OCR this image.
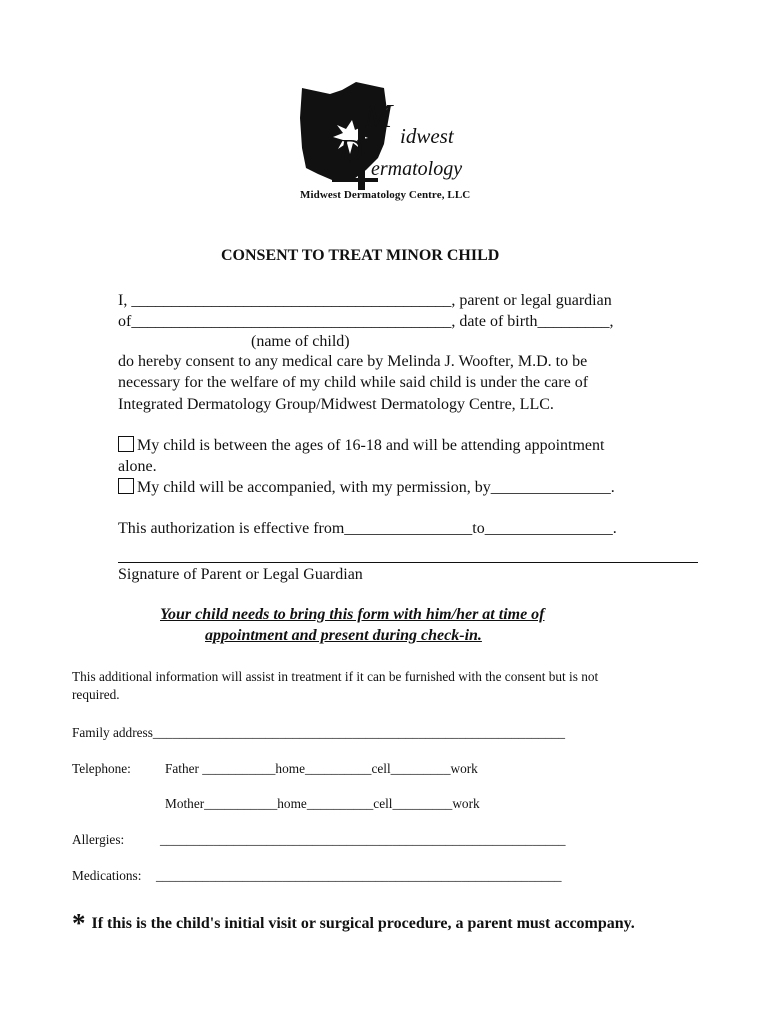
M
idwest
D ermatology
Midwest Dermatology Centre, LLC
CONSENT TO TREAT MINOR CHILD
I, ________________________________________, parent or legal guardian
of________________________________________, date of birth_________,
(name of child)
do hereby consent to any medical care by Melinda J. Woofter, M.D. to be
necessary for the welfare of my child while said child is under the care of
Integrated Dermatology Group/Midwest Dermatology Centre, LLC.
My child is between the ages of 16-18 and will be attending appointment
alone.
My child will be accompanied, with my permission, by_______________.
This authorization is effective from________________to________________.
Signature of Parent or Legal Guardian
Your child needs to bring this form with him/her at time of
appointment and present during check-in.
This additional information will assist in treatment if it can be furnished with the consent but is not
required.
Family address______________________________________________________________
Telephone:	Father ___________home__________cell_________work
Mother___________home__________cell_________work
Allergies:	_____________________________________________________________
Medications: _____________________________________________________________
* If this is the child's initial visit or surgical procedure, a parent must accompany.
